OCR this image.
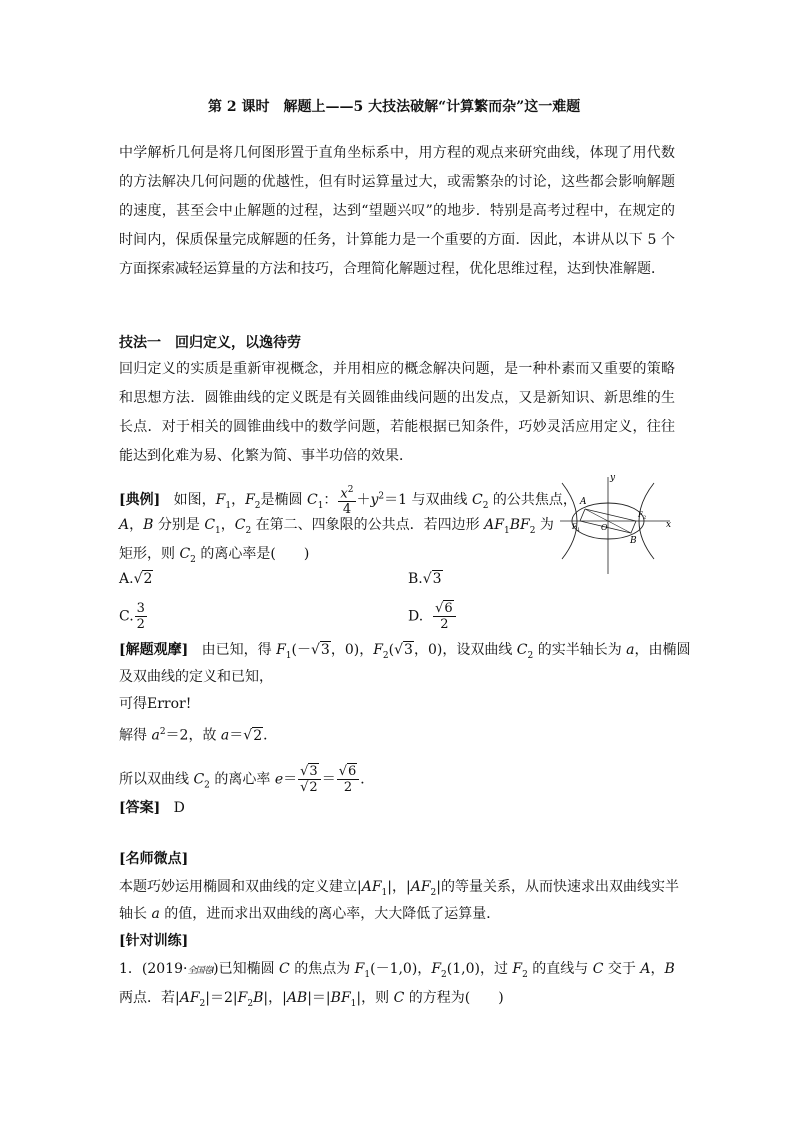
第 2 课时　解题上——5 大技法破解“计算繁而杂”这一难题

中学解析几何是将几何图形置于直角坐标系中，用方程的观点来研究曲线，体现了用代数的方法解决几何问题的优越性，但有时运算量过大，或需繁杂的讨论，这些都会影响解题的速度，甚至会中止解题的过程，达到“望题兴叹”的地步．特别是高考过程中，在规定的时间内，保质保量完成解题的任务，计算能力是一个重要的方面．因此，本讲从以下 5 个方面探索减轻运算量的方法和技巧，合理简化解题过程，优化思维过程，达到快准解题．

技法一　回归定义，以逸待劳

回归定义的实质是重新审视概念，并用相应的概念解决问题，是一种朴素而又重要的策略和思想方法．圆锥曲线的定义既是有关圆锥曲线问题的出发点，又是新知识、新思维的生长点．对于相关的圆锥曲线中的数学问题，若能根据已知条件，巧妙灵活应用定义，往往能达到化难为易、化繁为简、事半功倍的效果．

[典例] 如图，$F_1$，$F_2$是椭圆 $C_1$： $\frac{x^2}{4} +y^2=1$ 与双曲线 $C_2$ 的公共焦点，
A，B 分别是 $C_1$，$C_2$ 在第二、四象限的公共点．若四边形 $AF_1BF_2$ 为
矩形，则 $C_2$ 的离心率是(　　)
y
x
A
B
O
F 1
F 2
A.√2	B.√3
C. $\frac{3}{2}$	D. $\frac{√6}{2}$
[解题观摩] 由已知，得 $F_1(-√3$，0)，$F_2(√3$，0)，设双曲线 $C_2$ 的实半轴长为 a，由椭圆
及双曲线的定义和已知，
可得Error!
解得 $a^2=2$，故 a＝√2．
所以双曲线 $C_2$ 的离心率 $e= \frac{√3}{√2} = \frac{√6}{2}$ ．
[答案] D
[名师微点]
本题巧妙运用椭圆和双曲线的定义建立$|AF_1|$，$|AF_2|$的等量关系，从而快速求出双曲线实半
轴长 a 的值，进而求出双曲线的离心率，大大降低了运算量．
[针对训练]
1．(2019·全国卷Ⅰ)已知椭圆 C 的焦点为 $F_1(-1,0)$，$F_2(1,0)$，过 $F_2$ 的直线与 C 交于 A，B
两点．若$|AF_2|=2|F_2B|$，$|AB|=|BF_1|$，则 C 的方程为(　　)
